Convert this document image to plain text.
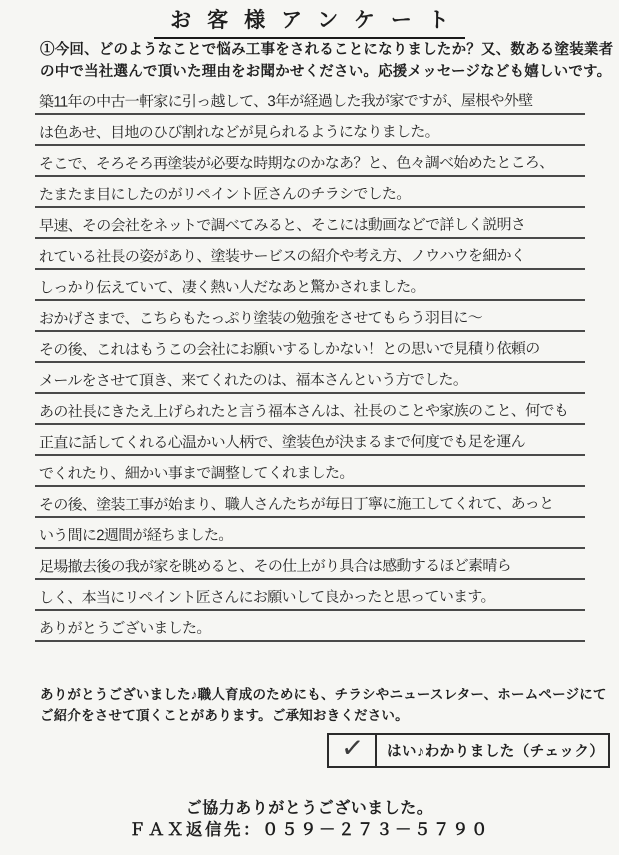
お客様アンケート
①今回、どのようなことで悩み工事をされることになりましたか？又、数ある塗装業者の中で当社選んで頂いた理由をお聞かせください。応援メッセージなども嬉しいです。
築11年の中古一軒家に引っ越して、3年が経過した我が家ですが、屋根や外壁
は色あせ、目地のひび割れなどが見られるようになりました。
そこで、そろそろ再塗装が必要な時期なのかなあ？と、色々調べ始めたところ、
たまたま目にしたのがリペイント匠さんのチラシでした。
早速、その会社をネットで調べてみると、そこには動画などで詳しく説明さ
れている社長の姿があり、塗装サービスの紹介や考え方、ノウハウを細かく
しっかり伝えていて、凄く熱い人だなあと驚かされました。
おかげさまで、こちらもたっぷり塗装の勉強をさせてもらう羽目に〜
その後、これはもうこの会社にお願いするしかない！との思いで見積り依頼の
メールをさせて頂き、来てくれたのは、福本さんという方でした。
あの社長にきたえ上げられたと言う福本さんは、社長のことや家族のこと、何でも
正直に話してくれる心温かい人柄で、塗装色が決まるまで何度でも足を運ん
でくれたり、細かい事まで調整してくれました。
その後、塗装工事が始まり、職人さんたちが毎日丁寧に施工してくれて、あっと
いう間に2週間が経ちました。
足場撤去後の我が家を眺めると、その仕上がり具合は感動するほど素晴ら
しく、本当にリペイント匠さんにお願いして良かったと思っています。
ありがとうございました。
ありがとうございました♪職人育成のためにも、チラシやニュースレター、ホームページにてご紹介をさせて頂くことがあります。ご承知おきください。
✓	はい♪わかりました（チェック）
ご協力ありがとうございました。
ＦＡＸ返信先：０５９－２７３－５７９０
